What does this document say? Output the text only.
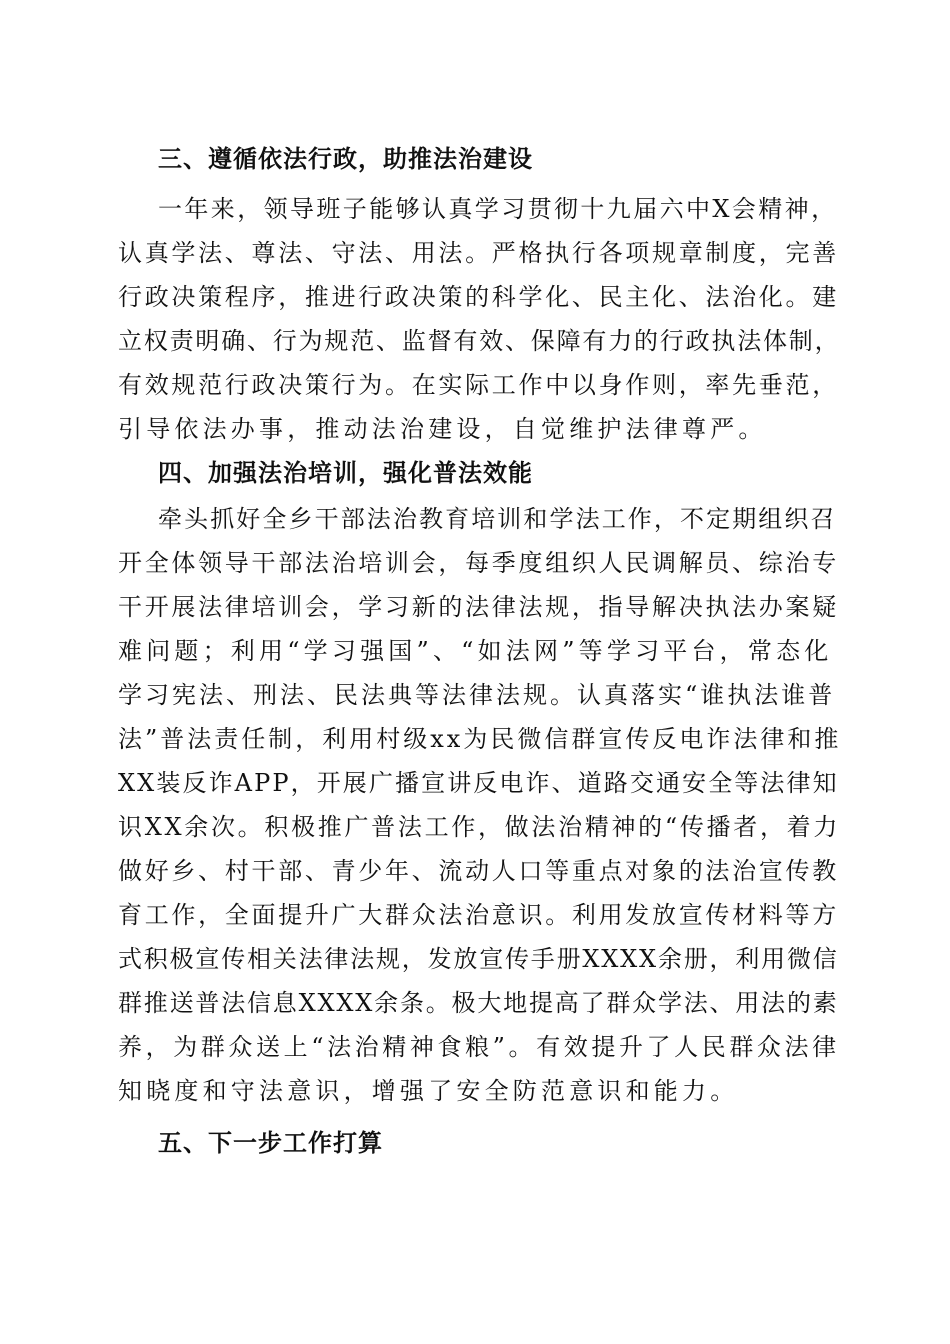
三、遵循依法行政，助推法治建设

一年来，领导班子能够认真学习贯彻十九届六中X会精神，

认真学法、尊法、守法、用法。严格执行各项规章制度，完善

行政决策程序，推进行政决策的科学化、民主化、法治化。建

立权责明确、行为规范、监督有效、保障有力的行政执法体制，

有效规范行政决策行为。在实际工作中以身作则，率先垂范，

引导依法办事，推动法治建设，自觉维护法律尊严。

四、加强法治培训，强化普法效能

牵头抓好全乡干部法治教育培训和学法工作，不定期组织召

开全体领导干部法治培训会，每季度组织人民调解员、综治专

干开展法律培训会，学习新的法律法规，指导解决执法办案疑

难问题；利用“学习强国”、“如法网”等学习平台，常态化

学习宪法、刑法、民法典等法律法规。认真落实“谁执法谁普

法”普法责任制，利用村级xx为民微信群宣传反电诈法律和推

XX装反诈APP，开展广播宣讲反电诈、道路交通安全等法律知

识XX余次。积极推广普法工作，做法治精神的“传播者，着力

做好乡、村干部、青少年、流动人口等重点对象的法治宣传教

育工作，全面提升广大群众法治意识。利用发放宣传材料等方

式积极宣传相关法律法规，发放宣传手册XXXX余册，利用微信

群推送普法信息XXXX余条。极大地提高了群众学法、用法的素

养，为群众送上“法治精神食粮”。有效提升了人民群众法律

知晓度和守法意识，增强了安全防范意识和能力。

五、下一步工作打算
